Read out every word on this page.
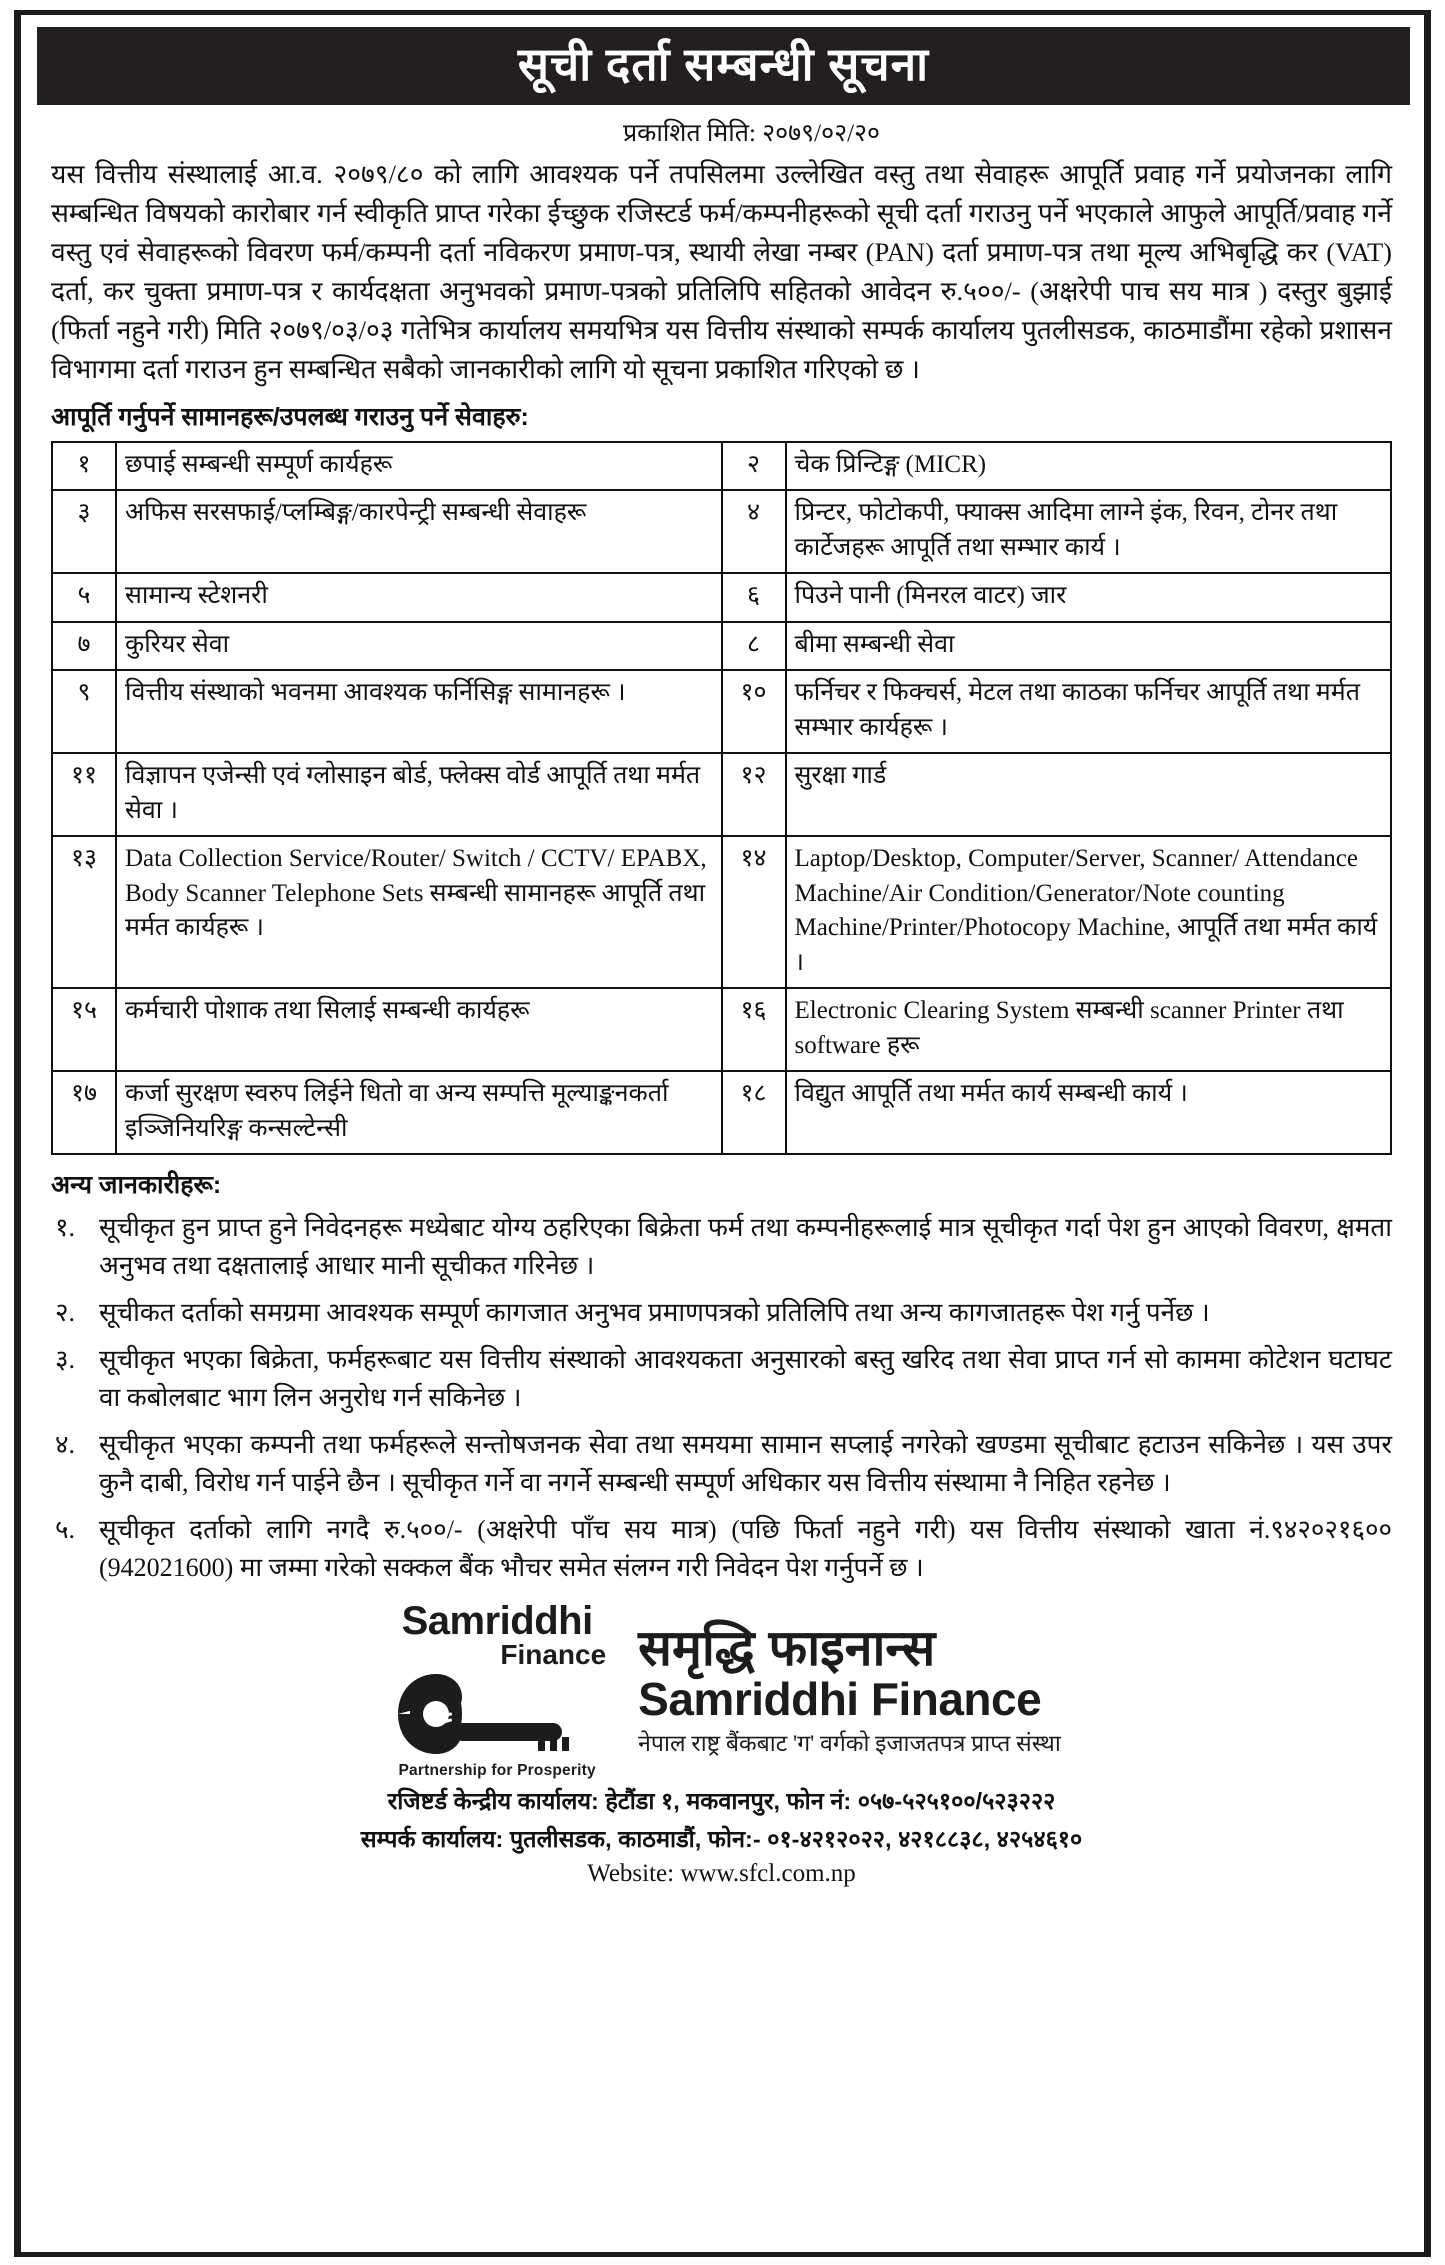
सूची दर्ता सम्बन्धी सूचना
प्रकाशित मिति: २०७९/०२/२०
यस वित्तीय संस्थालाई आ.व. २०७९/८० को लागि आवश्यक पर्ने तपसिलमा उल्लेखित वस्तु तथा सेवाहरू आपूर्ति प्रवाह गर्ने प्रयोजनका लागि सम्बन्धित विषयको कारोबार गर्न स्वीकृति प्राप्त गरेका ईच्छुक रजिस्टर्ड फर्म/कम्पनीहरूको सूची दर्ता गराउनु पर्ने भएकाले आफुले आपूर्ति/प्रवाह गर्ने वस्तु एवं सेवाहरूको विवरण फर्म/कम्पनी दर्ता नविकरण प्रमाण-पत्र, स्थायी लेखा नम्बर (PAN) दर्ता प्रमाण-पत्र तथा मूल्य अभिबृद्धि कर (VAT) दर्ता, कर चुक्ता प्रमाण-पत्र र कार्यदक्षता अनुभवको प्रमाण-पत्रको प्रतिलिपि सहितको आवेदन रु.५००/- (अक्षरेपी पाच सय मात्र ) दस्तुर बुझाई (फिर्ता नहुने गरी) मिति २०७९/०३/०३ गतेभित्र कार्यालय समयभित्र यस वित्तीय संस्थाको सम्पर्क कार्यालय पुतलीसडक, काठमाडौंमा रहेको प्रशासन विभागमा दर्ता गराउन हुन सम्बन्धित सबैको जानकारीको लागि यो सूचना प्रकाशित गरिएको छ ।
आपूर्ति गर्नुपर्ने सामानहरू/उपलब्ध गराउनु पर्ने सेवाहरु:
१	छपाई सम्बन्धी सम्पूर्ण कार्यहरू	२	चेक प्रिन्टिङ्ग (MICR)
३	अफिस सरसफाई/प्लम्बिङ्ग/कारपेन्ट्री सम्बन्धी सेवाहरू	४	प्रिन्टर, फोटोकपी, फ्याक्स आदिमा लाग्ने इंक, रिवन, टोनर तथा कार्टेजहरू आपूर्ति तथा सम्भार कार्य ।
५	सामान्य स्टेशनरी	६	पिउने पानी (मिनरल वाटर) जार
७	कुरियर सेवा	८	बीमा सम्बन्धी सेवा
९	वित्तीय संस्थाको भवनमा आवश्यक फर्निसिङ्ग सामानहरू ।	१०	फर्निचर र फिक्चर्स, मेटल तथा काठका फर्निचर आपूर्ति तथा मर्मत सम्भार कार्यहरू ।
११	विज्ञापन एजेन्सी एवं ग्लोसाइन बोर्ड, फ्लेक्स वोर्ड आपूर्ति तथा मर्मत सेवा ।	१२	सुरक्षा गार्ड
१३	Data Collection Service/Router/ Switch / CCTV/ EPABX, Body Scanner Telephone Sets सम्बन्धी सामानहरू आपूर्ति तथा मर्मत कार्यहरू ।	१४	Laptop/Desktop, Computer/Server, Scanner/ Attendance Machine/Air Condition/Generator/Note counting Machine/Printer/Photocopy Machine, आपूर्ति तथा मर्मत कार्य ।
१५	कर्मचारी पोशाक तथा सिलाई सम्बन्धी कार्यहरू	१६	Electronic Clearing System सम्बन्धी scanner Printer तथा software हरू
१७	कर्जा सुरक्षण स्वरुप लिईने धितो वा अन्य सम्पत्ति मूल्याङ्कनकर्ता इञ्जिनियरिङ्ग कन्सल्टेन्सी	१८	विद्युत आपूर्ति तथा मर्मत कार्य सम्बन्धी कार्य ।
अन्य जानकारीहरू:
१. सूचीकृत हुन प्राप्त हुने निवेदनहरू मध्येबाट योग्य ठहरिएका बिक्रेता फर्म तथा कम्पनीहरूलाई मात्र सूचीकृत गर्दा पेश हुन आएको विवरण, क्षमता अनुभव तथा दक्षतालाई आधार मानी सूचीकत गरिनेछ ।
२. सूचीकत दर्ताको समग्रमा आवश्यक सम्पूर्ण कागजात अनुभव प्रमाणपत्रको प्रतिलिपि तथा अन्य कागजातहरू पेश गर्नु पर्नेछ ।
३. सूचीकृत भएका बिक्रेता, फर्महरूबाट यस वित्तीय संस्थाको आवश्यकता अनुसारको बस्तु खरिद तथा सेवा प्राप्त गर्न सो काममा कोटेशन घटाघट वा कबोलबाट भाग लिन अनुरोध गर्न सकिनेछ ।
४. सूचीकृत भएका कम्पनी तथा फर्महरूले सन्तोषजनक सेवा तथा समयमा सामान सप्लाई नगरेको खण्डमा सूचीबाट हटाउन सकिनेछ । यस उपर कुनै दाबी, विरोध गर्न पाईने छैन । सूचीकृत गर्ने वा नगर्ने सम्बन्धी सम्पूर्ण अधिकार यस वित्तीय संस्थामा नै निहित रहनेछ ।
५. सूचीकृत दर्ताको लागि नगदै रु.५००/- (अक्षरेपी पाँच सय मात्र) (पछि फिर्ता नहुने गरी) यस वित्तीय संस्थाको खाता नं.९४२०२१६०० (942021600) मा जम्मा गरेको सक्कल बैंक भौचर समेत संलग्न गरी निवेदन पेश गर्नुपर्ने छ ।
Samriddhi
Finance
Partnership for Prosperity
समृद्धि फाइनान्स
Samriddhi Finance
नेपाल राष्ट्र बैंकबाट 'ग' वर्गको इजाजतपत्र प्राप्त संस्था
रजिष्टर्ड केन्द्रीय कार्यालय: हेटौंडा १, मकवानपुर, फोन नं: ०५७-५२५१००/५२३२२२
सम्पर्क कार्यालय: पुतलीसडक, काठमाडौं, फोन:- ०१-४२१२०२२, ४२१८८३८, ४२५४६१०
Website: www.sfcl.com.np
